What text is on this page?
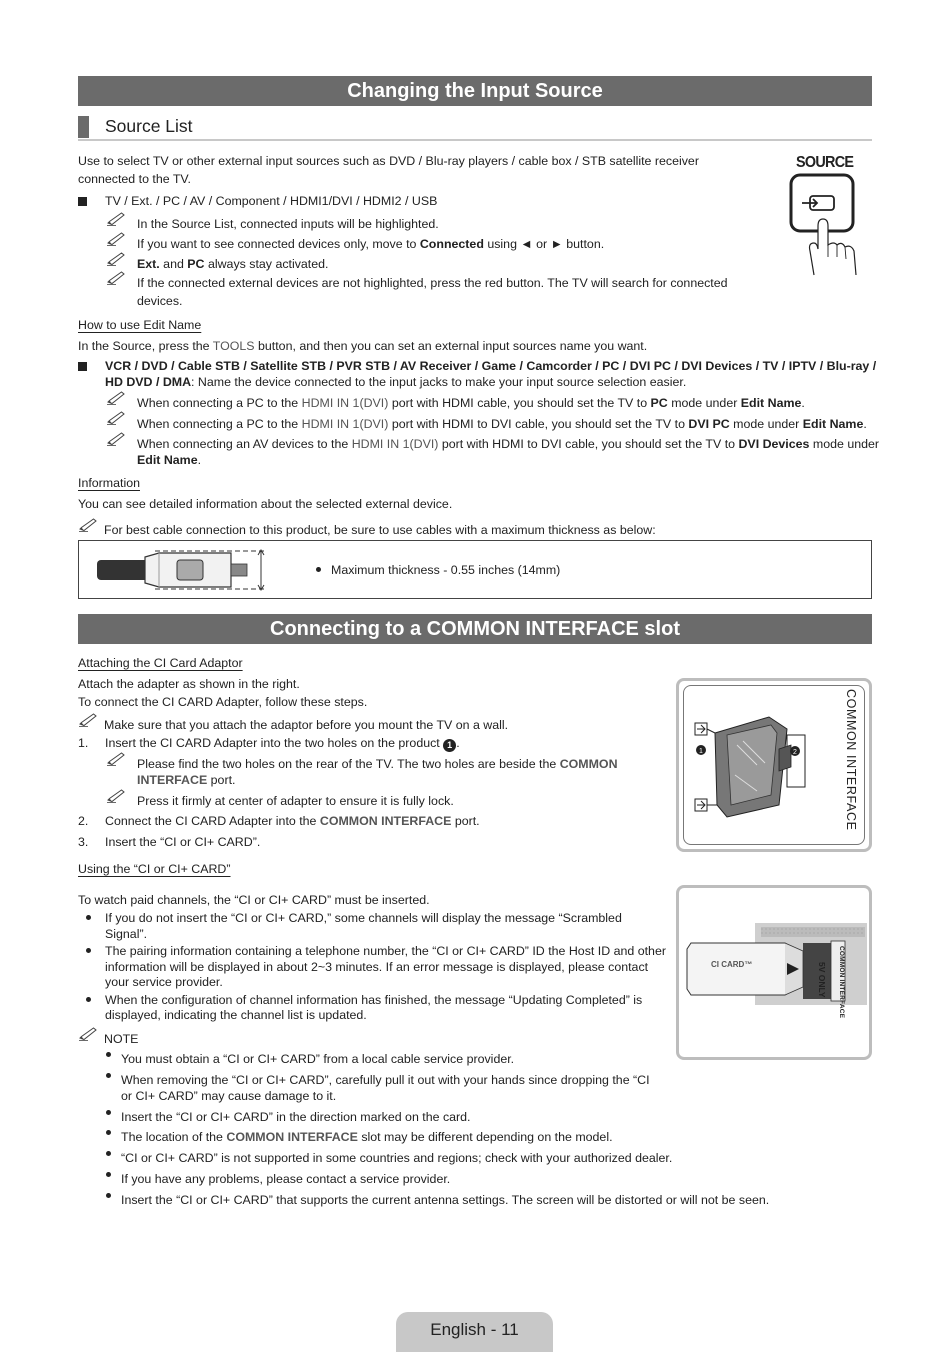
Changing the Input Source
Source List
Use to select TV or other external input sources such as DVD / Blu-ray players / cable box / STB satellite receiver
connected to the TV.
TV / Ext. / PC / AV / Component / HDMI1/DVI / HDMI2 / USB
In the Source List, connected inputs will be highlighted.
If you want to see connected devices only, move to Connected using ◄ or ► button.
Ext. and PC always stay activated.
If the connected external devices are not highlighted, press the red button. The TV will search for connected
devices.
SOURCE
How to use Edit Name
In the Source, press the TOOLS button, and then you can set an external input sources name you want.
VCR / DVD / Cable STB / Satellite STB / PVR STB / AV Receiver / Game / Camcorder / PC / DVI PC / DVI Devices / TV / IPTV / Blu-ray /
HD DVD / DMA: Name the device connected to the input jacks to make your input source selection easier.
When connecting a PC to the HDMI IN 1(DVI) port with HDMI cable, you should set the TV to PC mode under Edit Name.
When connecting a PC to the HDMI IN 1(DVI) port with HDMI to DVI cable, you should set the TV to DVI PC mode under Edit Name.
When connecting an AV devices to the HDMI IN 1(DVI) port with HDMI to DVI cable, you should set the TV to DVI Devices mode under
Edit Name.
Information
You can see detailed information about the selected external device.
For best cable connection to this product, be sure to use cables with a maximum thickness as below:
Maximum thickness - 0.55 inches (14mm)
Connecting to a COMMON INTERFACE slot
Attaching the CI Card Adaptor
Attach the adapter as shown in the right.
To connect the CI CARD Adapter, follow these steps.
Make sure that you attach the adaptor before you mount the TV on a wall.
1. Insert the CI CARD Adapter into the two holes on the product 1 .
Please find the two holes on the rear of the TV. The two holes are beside the COMMON
INTERFACE port.
Press it firmly at center of adapter to ensure it is fully lock.
2. Connect the CI CARD Adapter into the COMMON INTERFACE port.
3. Insert the “CI or CI+ CARD”.
COMMON INTERFACE
1	2
Using the “CI or CI+ CARD”
To watch paid channels, the “CI or CI+ CARD” must be inserted.
If you do not insert the “CI or CI+ CARD,” some channels will display the message “Scrambled
Signal”.
The pairing information containing a telephone number, the “CI or CI+ CARD” ID the Host ID and other
information will be displayed in about 2~3 minutes. If an error message is displayed, please contact
your service provider.
When the configuration of channel information has finished, the message “Updating Completed” is
displayed, indicating the channel list is updated.
NOTE
You must obtain a “CI or CI+ CARD” from a local cable service provider.
When removing the “CI or CI+ CARD”, carefully pull it out with your hands since dropping the “CI
or CI+ CARD” may cause damage to it.
Insert the “CI or CI+ CARD” in the direction marked on the card.
The location of the COMMON INTERFACE slot may be different depending on the model.
“CI or CI+ CARD” is not supported in some countries and regions; check with your authorized dealer.
If you have any problems, please contact a service provider.
Insert the “CI or CI+ CARD” that supports the current antenna settings. The screen will be distorted or will not be seen.
CI CARD™	COMMON INTERFACE
5V ONLY
English - 11
